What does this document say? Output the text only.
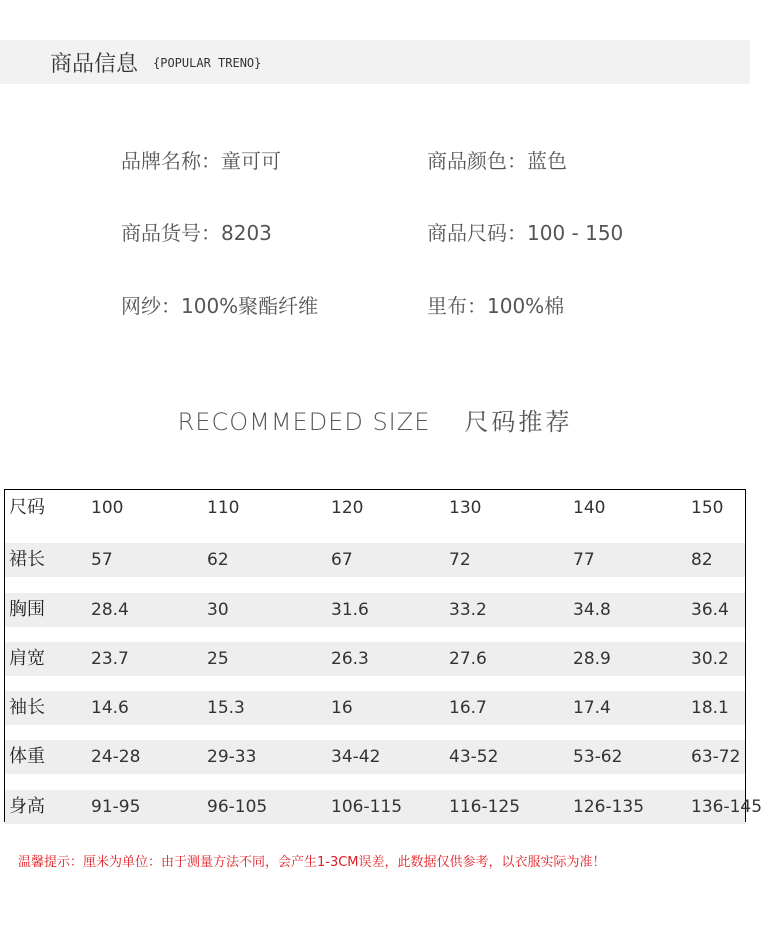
商品信息 {POPULAR TRENO}
品牌名称：童可可	商品颜色：蓝色
商品货号：8203	商品尺码：100 - 150
网纱：100%聚酯纤维	里布：100%棉
RECOMMEDED SIZE 尺码推荐
尺码	100	110	120	130	140	150
裙长	57	62	67	72	77	82
胸围	28.4	30	31.6	33.2	34.8	36.4
肩宽	23.7	25	26.3	27.6	28.9	30.2
袖长	14.6	15.3	16	16.7	17.4	18.1
体重	24-28	29-33	34-42	43-52	53-62	63-72
身高	91-95	96-105	106-115	116-125	126-135	136-145
温馨提示：厘米为单位：由于测量方法不同，会产生1-3CM误差，此数据仅供参考，以衣服实际为准！
